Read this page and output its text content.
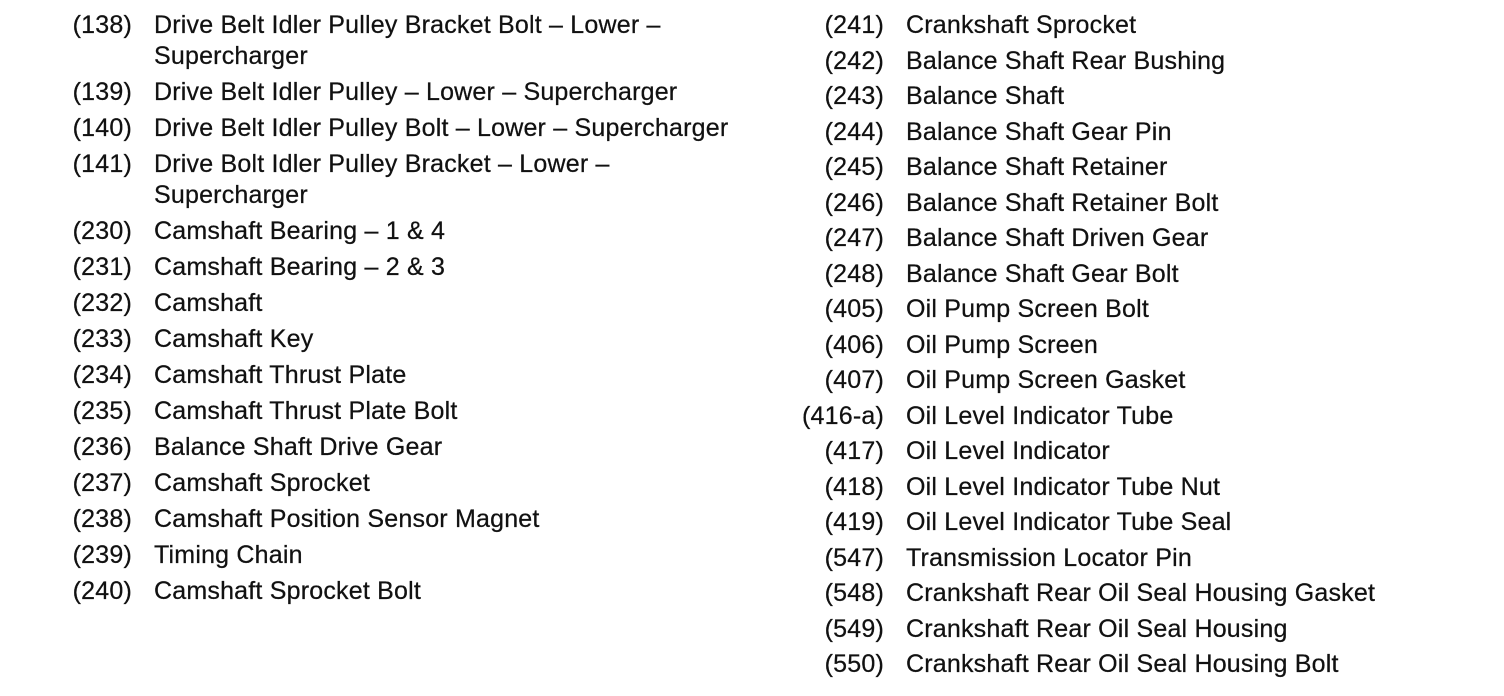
(138) Drive Belt Idler Pulley Bracket Bolt – Lower – Supercharger
(139) Drive Belt Idler Pulley – Lower – Supercharger
(140) Drive Belt Idler Pulley Bolt – Lower – Supercharger
(141) Drive Bolt Idler Pulley Bracket – Lower – Supercharger
(230) Camshaft Bearing – 1 & 4
(231) Camshaft Bearing – 2 & 3
(232) Camshaft
(233) Camshaft Key
(234) Camshaft Thrust Plate
(235) Camshaft Thrust Plate Bolt
(236) Balance Shaft Drive Gear
(237) Camshaft Sprocket
(238) Camshaft Position Sensor Magnet
(239) Timing Chain
(240) Camshaft Sprocket Bolt
(241) Crankshaft Sprocket
(242) Balance Shaft Rear Bushing
(243) Balance Shaft
(244) Balance Shaft Gear Pin
(245) Balance Shaft Retainer
(246) Balance Shaft Retainer Bolt
(247) Balance Shaft Driven Gear
(248) Balance Shaft Gear Bolt
(405) Oil Pump Screen Bolt
(406) Oil Pump Screen
(407) Oil Pump Screen Gasket
(416-a) Oil Level Indicator Tube
(417) Oil Level Indicator
(418) Oil Level Indicator Tube Nut
(419) Oil Level Indicator Tube Seal
(547) Transmission Locator Pin
(548) Crankshaft Rear Oil Seal Housing Gasket
(549) Crankshaft Rear Oil Seal Housing
(550) Crankshaft Rear Oil Seal Housing Bolt
